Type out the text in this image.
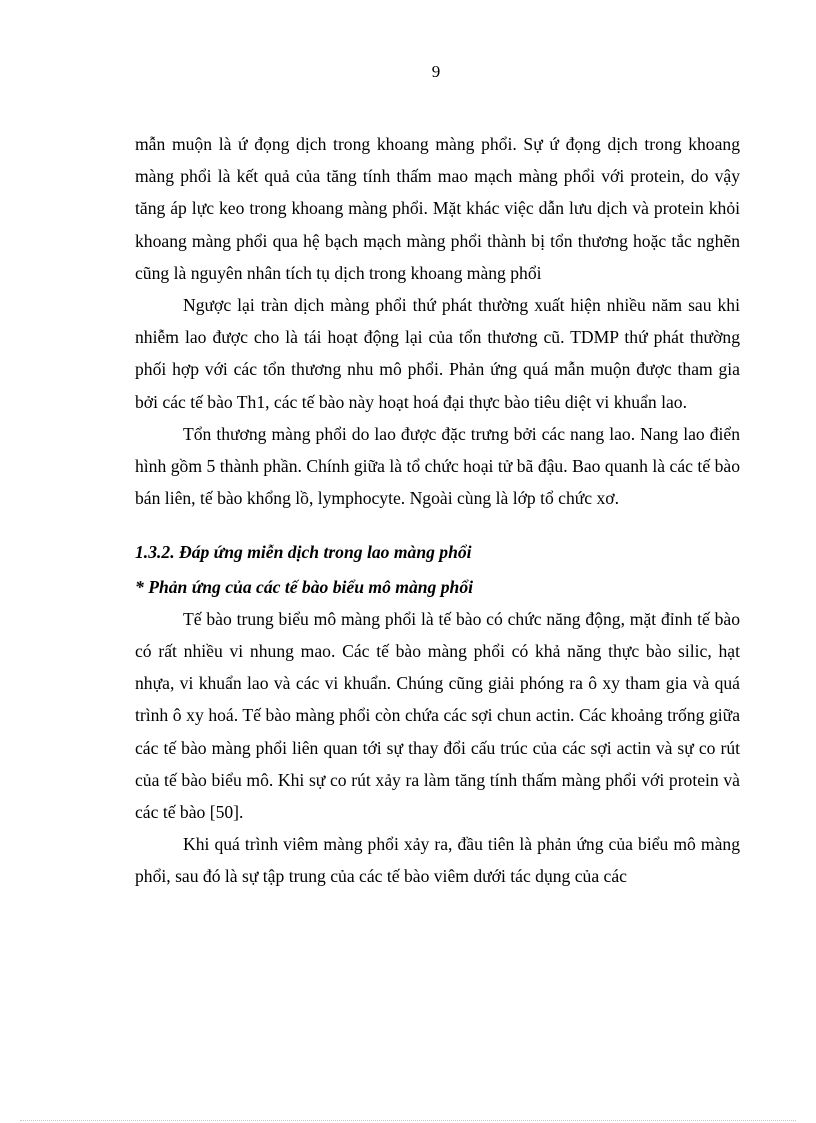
9

mẫn muộn là ứ đọng dịch trong khoang màng phổi. Sự ứ đọng dịch trong khoang màng phổi là kết quả của tăng tính thấm mao mạch màng phổi với protein, do vậy tăng áp lực keo trong khoang màng phổi. Mặt khác việc dẫn lưu dịch và protein khỏi khoang màng phổi qua hệ bạch mạch màng phổi thành bị tổn thương hoặc tắc nghẽn cũng là nguyên nhân tích tụ dịch trong khoang màng phổi

Ngược lại tràn dịch màng phổi thứ phát thường xuất hiện nhiều năm sau khi nhiễm lao được cho là tái hoạt động lại của tổn thương cũ. TDMP thứ phát thường phối hợp với các tổn thương nhu mô phổi. Phản ứng quá mẫn muộn được tham gia bởi các tế bào Th1, các tế bào này hoạt hoá đại thực bào tiêu diệt vi khuẩn lao.

Tổn thương màng phổi do lao được đặc trưng bởi các nang lao. Nang lao điển hình gồm 5 thành phần. Chính giữa là tổ chức hoại tử bã đậu. Bao quanh là các tế bào bán liên, tế bào khổng lồ, lymphocyte. Ngoài cùng là lớp tổ chức xơ.

1.3.2. Đáp ứng miễn dịch trong lao màng phổi
* Phản ứng của các tế bào biểu mô màng phổi

Tế bào trung biểu mô màng phổi là tế bào có chức năng động, mặt đỉnh tế bào có rất nhiều vi nhung mao. Các tế bào màng phổi có khả năng thực bào silic, hạt nhựa, vi khuẩn lao và các vi khuẩn. Chúng cũng giải phóng ra ô xy tham gia và quá trình ô xy hoá. Tế bào màng phổi còn chứa các sợi chun actin. Các khoảng trống giữa các tế bào màng phổi liên quan tới sự thay đổi cấu trúc của các sợi actin và sự co rút của tế bào biểu mô. Khi sự co rút xảy ra làm tăng tính thấm màng phổi với protein và các tế bào [50].

Khi quá trình viêm màng phổi xảy ra, đầu tiên là phản ứng của biểu mô màng phổi, sau đó là sự tập trung của các tế bào viêm dưới tác dụng của các
